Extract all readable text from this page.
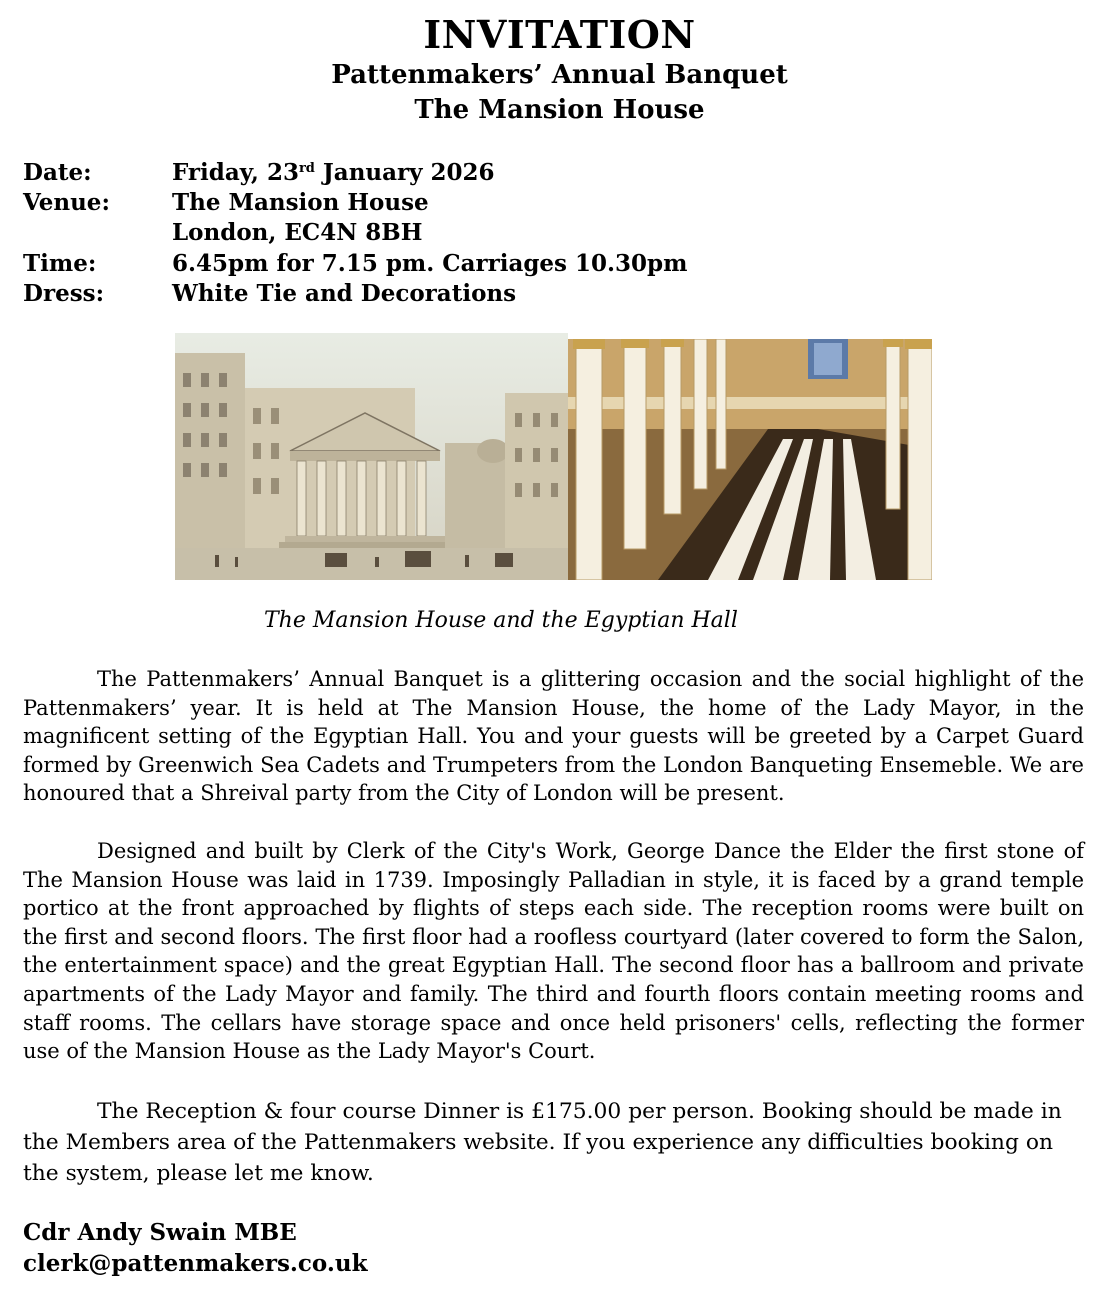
INVITATION
Pattenmakers’ Annual Banquet
The Mansion House
Date:	Friday, 23rd January 2026
Venue:	The Mansion House
London, EC4N 8BH
Time:	6.45pm for 7.15 pm. Carriages 10.30pm
Dress:	White Tie and Decorations
The Mansion House and the Egyptian Hall

The Pattenmakers’ Annual Banquet is a glittering occasion and the social highlight of the Pattenmakers’ year. It is held at The Mansion House, the home of the Lady Mayor, in the magnificent setting of the Egyptian Hall. You and your guests will be greeted by a Carpet Guard formed by Greenwich Sea Cadets and Trumpeters from the London Banqueting Ensemeble. We are honoured that a Shreival party from the City of London will be present.

Designed and built by Clerk of the City's Work, George Dance the Elder the first stone of The Mansion House was laid in 1739. Imposingly Palladian in style, it is faced by a grand temple portico at the front approached by flights of steps each side. The reception rooms were built on the first and second floors. The first floor had a roofless courtyard (later covered to form the Salon, the entertainment space) and the great Egyptian Hall. The second floor has a ballroom and private apartments of the Lady Mayor and family. The third and fourth floors contain meeting rooms and staff rooms. The cellars have storage space and once held prisoners' cells, reflecting the former use of the Mansion House as the Lady Mayor's Court.

The Reception & four course Dinner is £175.00 per person. Booking should be made in the Members area of the Pattenmakers website. If you experience any difficulties booking on the system, please let me know.

Cdr Andy Swain MBE
clerk@pattenmakers.co.uk
